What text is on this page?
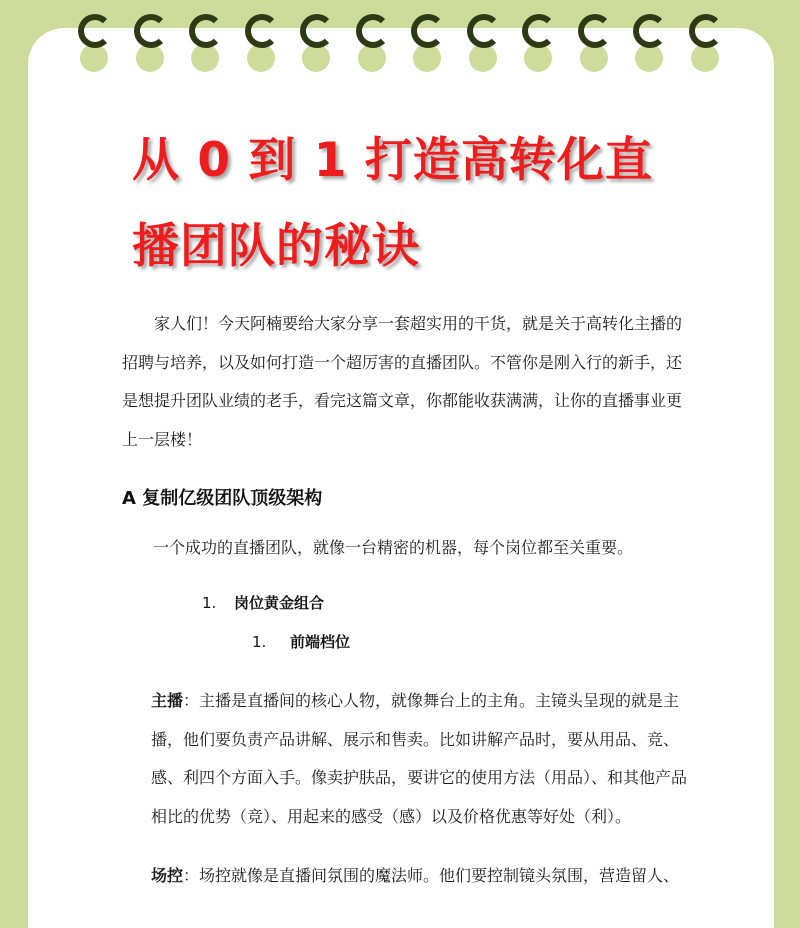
从 0 到 1 打造高转化直播团队的秘诀
家人们！今天阿楠要给大家分享一套超实用的干货，就是关于高转化主播的招聘与培养，以及如何打造一个超厉害的直播团队。不管你是刚入行的新手，还是想提升团队业绩的老手，看完这篇文章，你都能收获满满，让你的直播事业更上一层楼！
A 复制亿级团队顶级架构
一个成功的直播团队，就像一台精密的机器，每个岗位都至关重要。
1. 岗位黄金组合
1. 前端档位
主播：主播是直播间的核心人物，就像舞台上的主角。主镜头呈现的就是主播，他们要负责产品讲解、展示和售卖。比如讲解产品时，要从用品、竞、感、利四个方面入手。像卖护肤品，要讲它的使用方法（用品）、和其他产品相比的优势（竞）、用起来的感受（感）以及价格优惠等好处（利）。
场控：场控就像是直播间氛围的魔法师。他们要控制镜头氛围，营造留人、
